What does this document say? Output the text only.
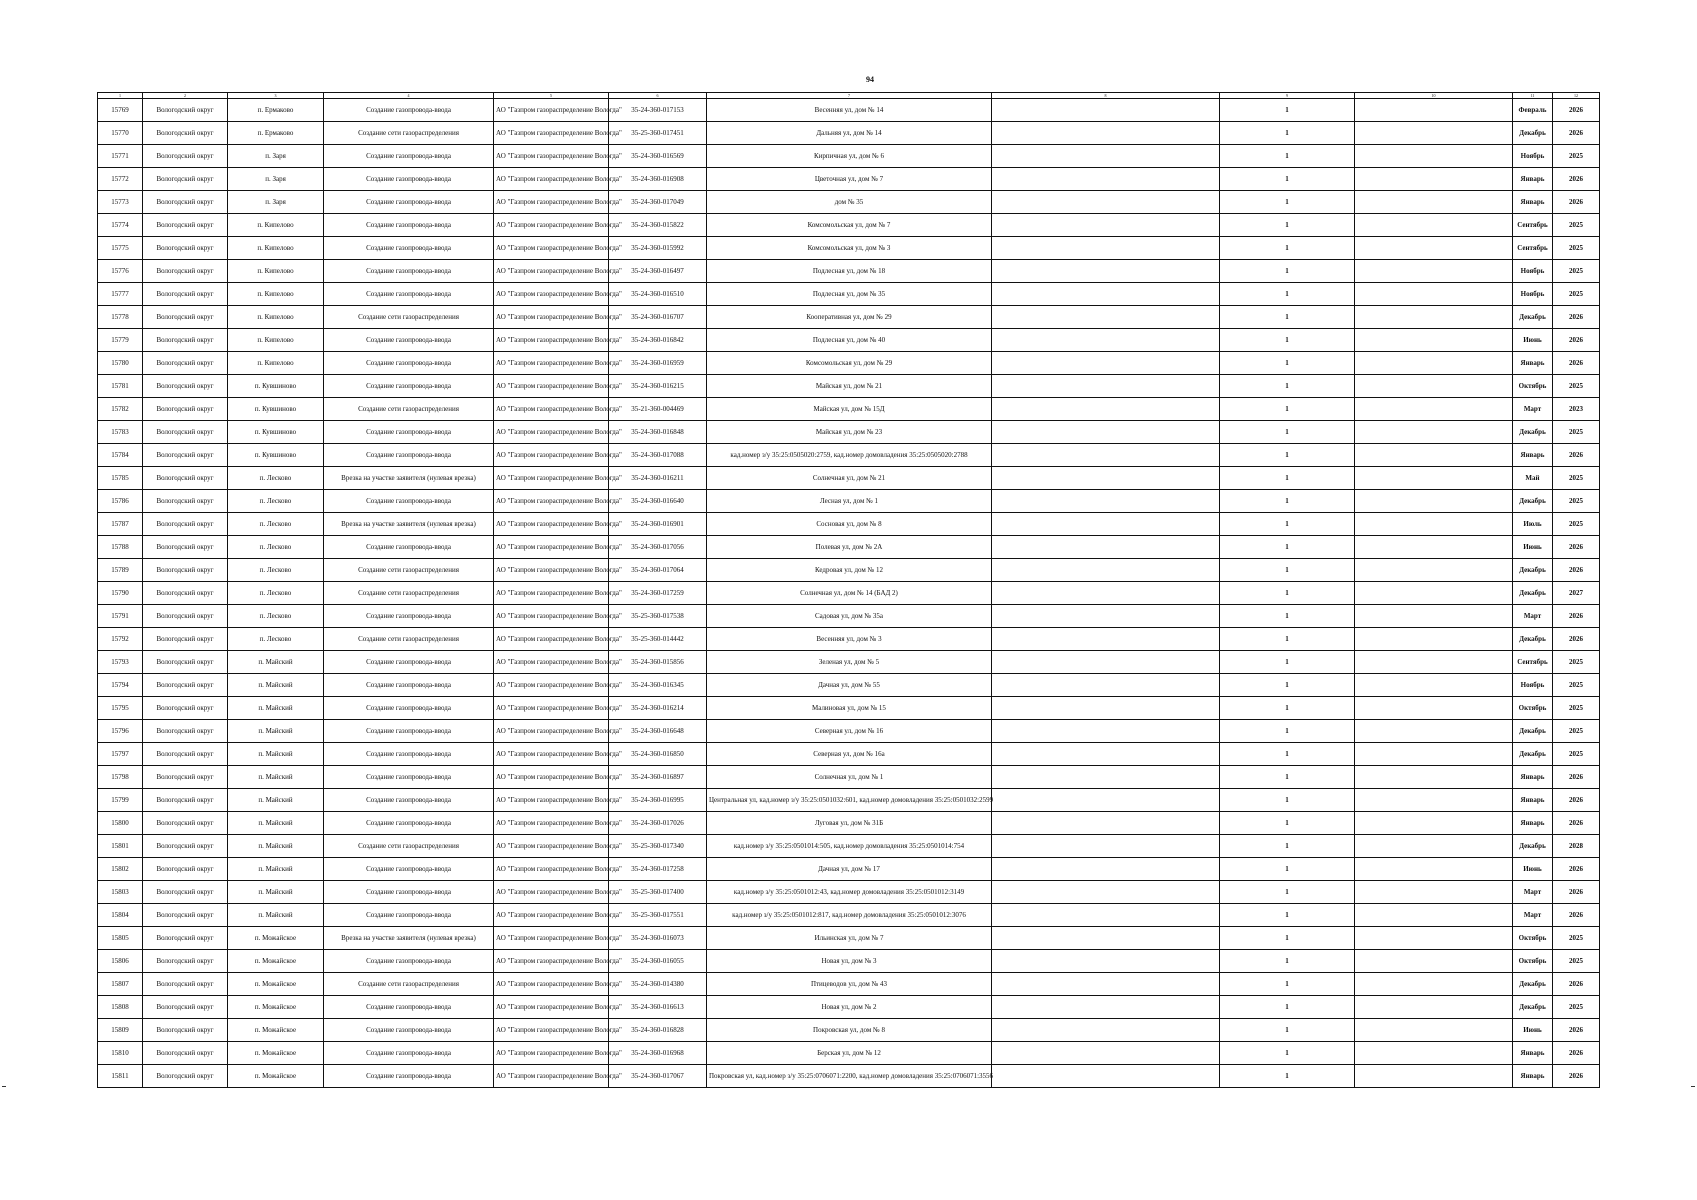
94
1	2	3	4	5	6	7	8	9	10	11	12
15769	Вологодский округ	п. Ермаково	Создание газопровода-ввода	АО "Газпром газораспределение Вологда"	35-24-360-017153	Весенняя ул, дом № 14		1		Февраль	2026
15770	Вологодский округ	п. Ермаково	Создание сети газораспределения	АО "Газпром газораспределение Вологда"	35-25-360-017451	Дальняя ул, дом № 14		1		Декабрь	2026
15771	Вологодский округ	п. Заря	Создание газопровода-ввода	АО "Газпром газораспределение Вологда"	35-24-360-016569	Кирпичная ул, дом № 6		1		Ноябрь	2025
15772	Вологодский округ	п. Заря	Создание газопровода-ввода	АО "Газпром газораспределение Вологда"	35-24-360-016908	Цветочная ул, дом № 7		1		Январь	2026
15773	Вологодский округ	п. Заря	Создание газопровода-ввода	АО "Газпром газораспределение Вологда"	35-24-360-017049	дом № 35		1		Январь	2026
15774	Вологодский округ	п. Кипелово	Создание газопровода-ввода	АО "Газпром газораспределение Вологда"	35-24-360-015822	Комсомольская ул, дом № 7		1		Сентябрь	2025
15775	Вологодский округ	п. Кипелово	Создание газопровода-ввода	АО "Газпром газораспределение Вологда"	35-24-360-015992	Комсомольская ул, дом № 3		1		Сентябрь	2025
15776	Вологодский округ	п. Кипелово	Создание газопровода-ввода	АО "Газпром газораспределение Вологда"	35-24-360-016497	Подлесная ул, дом № 18		1		Ноябрь	2025
15777	Вологодский округ	п. Кипелово	Создание газопровода-ввода	АО "Газпром газораспределение Вологда"	35-24-360-016510	Подлесная ул, дом № 35		1		Ноябрь	2025
15778	Вологодский округ	п. Кипелово	Создание сети газораспределения	АО "Газпром газораспределение Вологда"	35-24-360-016707	Кооперативная ул, дом № 29		1		Декабрь	2026
15779	Вологодский округ	п. Кипелово	Создание газопровода-ввода	АО "Газпром газораспределение Вологда"	35-24-360-016842	Подлесная ул, дом № 40		1		Июнь	2026
15780	Вологодский округ	п. Кипелово	Создание газопровода-ввода	АО "Газпром газораспределение Вологда"	35-24-360-016959	Комсомольская ул, дом № 29		1		Январь	2026
15781	Вологодский округ	п. Кувшиново	Создание газопровода-ввода	АО "Газпром газораспределение Вологда"	35-24-360-016215	Майская ул, дом № 21		1		Октябрь	2025
15782	Вологодский округ	п. Кувшиново	Создание сети газораспределения	АО "Газпром газораспределение Вологда"	35-21-360-004469	Майская ул, дом № 15Д		1		Март	2023
15783	Вологодский округ	п. Кувшиново	Создание газопровода-ввода	АО "Газпром газораспределение Вологда"	35-24-360-016848	Майская ул, дом № 23		1		Декабрь	2025
15784	Вологодский округ	п. Кувшиново	Создание газопровода-ввода	АО "Газпром газораспределение Вологда"	35-24-360-017088	кад.номер з/у 35:25:0505020:2759, кад.номер домовладения 35:25:0505020:2788		1		Январь	2026
15785	Вологодский округ	п. Лесково	Врезка на участке заявителя (нулевая врезка)	АО "Газпром газораспределение Вологда"	35-24-360-016211	Солнечная ул, дом № 21		1		Май	2025
15786	Вологодский округ	п. Лесково	Создание газопровода-ввода	АО "Газпром газораспределение Вологда"	35-24-360-016640	Лесная ул, дом № 1		1		Декабрь	2025
15787	Вологодский округ	п. Лесково	Врезка на участке заявителя (нулевая врезка)	АО "Газпром газораспределение Вологда"	35-24-360-016901	Сосновая ул, дом № 8		1		Июль	2025
15788	Вологодский округ	п. Лесково	Создание газопровода-ввода	АО "Газпром газораспределение Вологда"	35-24-360-017056	Полевая ул, дом № 2А		1		Июнь	2026
15789	Вологодский округ	п. Лесково	Создание сети газораспределения	АО "Газпром газораспределение Вологда"	35-24-360-017064	Кедровая ул, дом № 12		1		Декабрь	2026
15790	Вологодский округ	п. Лесково	Создание сети газораспределения	АО "Газпром газораспределение Вологда"	35-24-360-017259	Солнечная ул, дом № 14 (БАД 2)		1		Декабрь	2027
15791	Вологодский округ	п. Лесково	Создание газопровода-ввода	АО "Газпром газораспределение Вологда"	35-25-360-017538	Садовая ул, дом № 35а		1		Март	2026
15792	Вологодский округ	п. Лесково	Создание сети газораспределения	АО "Газпром газораспределение Вологда"	35-25-360-014442	Весенняя ул, дом № 3		1		Декабрь	2026
15793	Вологодский округ	п. Майский	Создание газопровода-ввода	АО "Газпром газораспределение Вологда"	35-24-360-015856	Зеленая ул, дом № 5		1		Сентябрь	2025
15794	Вологодский округ	п. Майский	Создание газопровода-ввода	АО "Газпром газораспределение Вологда"	35-24-360-016345	Дачная ул, дом № 55		1		Ноябрь	2025
15795	Вологодский округ	п. Майский	Создание газопровода-ввода	АО "Газпром газораспределение Вологда"	35-24-360-016214	Малиновая ул, дом № 15		1		Октябрь	2025
15796	Вологодский округ	п. Майский	Создание газопровода-ввода	АО "Газпром газораспределение Вологда"	35-24-360-016648	Северная ул, дом № 16		1		Декабрь	2025
15797	Вологодский округ	п. Майский	Создание газопровода-ввода	АО "Газпром газораспределение Вологда"	35-24-360-016850	Северная ул, дом № 16а		1		Декабрь	2025
15798	Вологодский округ	п. Майский	Создание газопровода-ввода	АО "Газпром газораспределение Вологда"	35-24-360-016897	Солнечная ул, дом № 1		1		Январь	2026
15799	Вологодский округ	п. Майский	Создание газопровода-ввода	АО "Газпром газораспределение Вологда"	35-24-360-016995	Центральная ул, кад.номер з/у 35:25:0501032:601, кад.номер домовладения 35:25:0501032:2599		1		Январь	2026
15800	Вологодский округ	п. Майский	Создание газопровода-ввода	АО "Газпром газораспределение Вологда"	35-24-360-017026	Луговая ул, дом № 31Б		1		Январь	2026
15801	Вологодский округ	п. Майский	Создание сети газораспределения	АО "Газпром газораспределение Вологда"	35-25-360-017340	кад.номер з/у 35:25:0501014:505, кад.номер домовладения 35:25:0501014:754		1		Декабрь	2028
15802	Вологодский округ	п. Майский	Создание газопровода-ввода	АО "Газпром газораспределение Вологда"	35-24-360-017258	Дачная ул, дом № 17		1		Июнь	2026
15803	Вологодский округ	п. Майский	Создание газопровода-ввода	АО "Газпром газораспределение Вологда"	35-25-360-017400	кад.номер з/у 35:25:0501012:43, кад.номер домовладения 35:25:0501012:3149		1		Март	2026
15804	Вологодский округ	п. Майский	Создание газопровода-ввода	АО "Газпром газораспределение Вологда"	35-25-360-017551	кад.номер з/у 35:25:0501012:817, кад.номер домовладения 35:25:0501012:3076		1		Март	2026
15805	Вологодский округ	п. Можайское	Врезка на участке заявителя (нулевая врезка)	АО "Газпром газораспределение Вологда"	35-24-360-016073	Ильинская ул, дом № 7		1		Октябрь	2025
15806	Вологодский округ	п. Можайское	Создание газопровода-ввода	АО "Газпром газораспределение Вологда"	35-24-360-016055	Новая ул, дом № 3		1		Октябрь	2025
15807	Вологодский округ	п. Можайское	Создание сети газораспределения	АО "Газпром газораспределение Вологда"	35-24-360-014380	Птицеводов ул, дом № 43		1		Декабрь	2026
15808	Вологодский округ	п. Можайское	Создание газопровода-ввода	АО "Газпром газораспределение Вологда"	35-24-360-016613	Новая ул, дом № 2		1		Декабрь	2025
15809	Вологодский округ	п. Можайское	Создание газопровода-ввода	АО "Газпром газораспределение Вологда"	35-24-360-016828	Покровская ул, дом № 8		1		Июнь	2026
15810	Вологодский округ	п. Можайское	Создание газопровода-ввода	АО "Газпром газораспределение Вологда"	35-24-360-016968	Берская ул, дом № 12		1		Январь	2026
15811	Вологодский округ	п. Можайское	Создание газопровода-ввода	АО "Газпром газораспределение Вологда"	35-24-360-017067	Покровская ул, кад.номер з/у 35:25:0706071:2200, кад.номер домовладения 35:25:0706071:3556		1		Январь	2026
